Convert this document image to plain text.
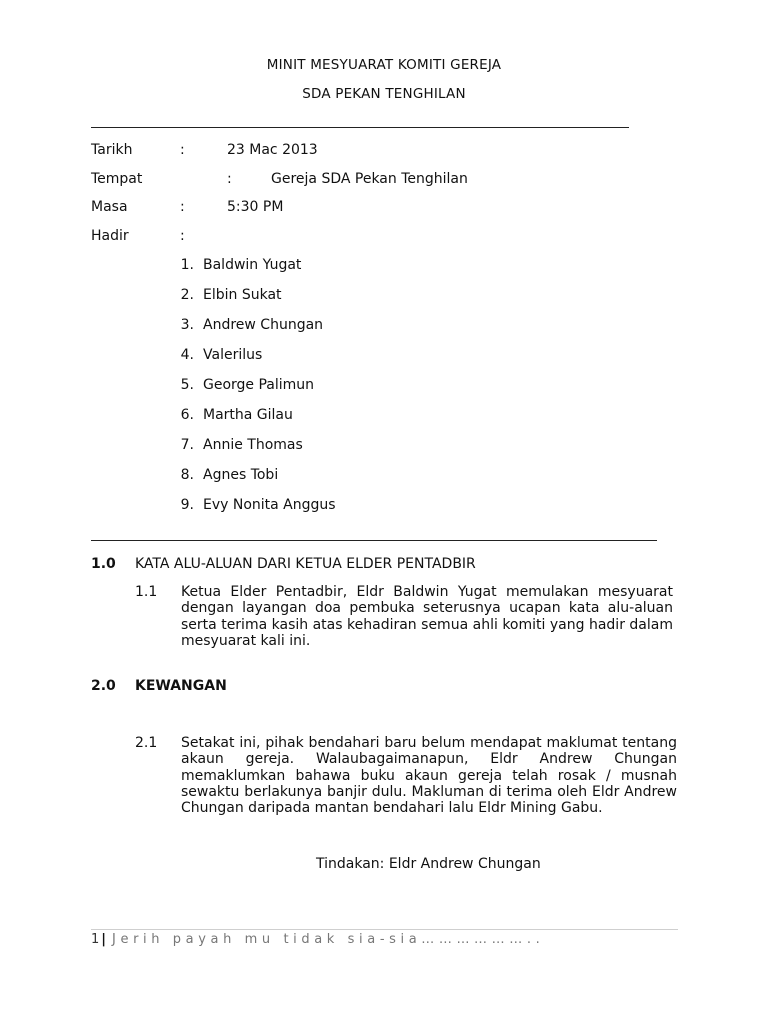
MINIT MESYUARAT KOMITI GEREJA
SDA PEKAN TENGHILAN
Tarikh	:	23 Mac 2013
Tempat	:	Gereja SDA Pekan Tenghilan
Masa	:	5:30 PM
Hadir	:
1. Baldwin Yugat
2. Elbin Sukat
3. Andrew Chungan
4. Valerilus
5. George Palimun
6. Martha Gilau
7. Annie Thomas
8. Agnes Tobi
9. Evy Nonita Anggus
1.0 KATA ALU-ALUAN DARI KETUA ELDER PENTADBIR
1.1 Ketua Elder Pentadbir, Eldr Baldwin Yugat memulakan mesyuarat dengan layangan doa pembuka seterusnya ucapan kata alu-aluan serta terima kasih atas kehadiran semua ahli komiti yang hadir dalam mesyuarat kali ini.
2.0 KEWANGAN
2.1 Setakat ini, pihak bendahari baru belum mendapat maklumat tentang akaun gereja. Walaubagaimanapun, Eldr Andrew Chungan memaklumkan bahawa buku akaun gereja telah rosak / musnah sewaktu berlakunya banjir dulu. Makluman di terima oleh Eldr Andrew Chungan daripada mantan bendahari lalu Eldr Mining Gabu.
Tindakan: Eldr Andrew Chungan
1 | Jerih payah mu tidak sia-sia………………..
